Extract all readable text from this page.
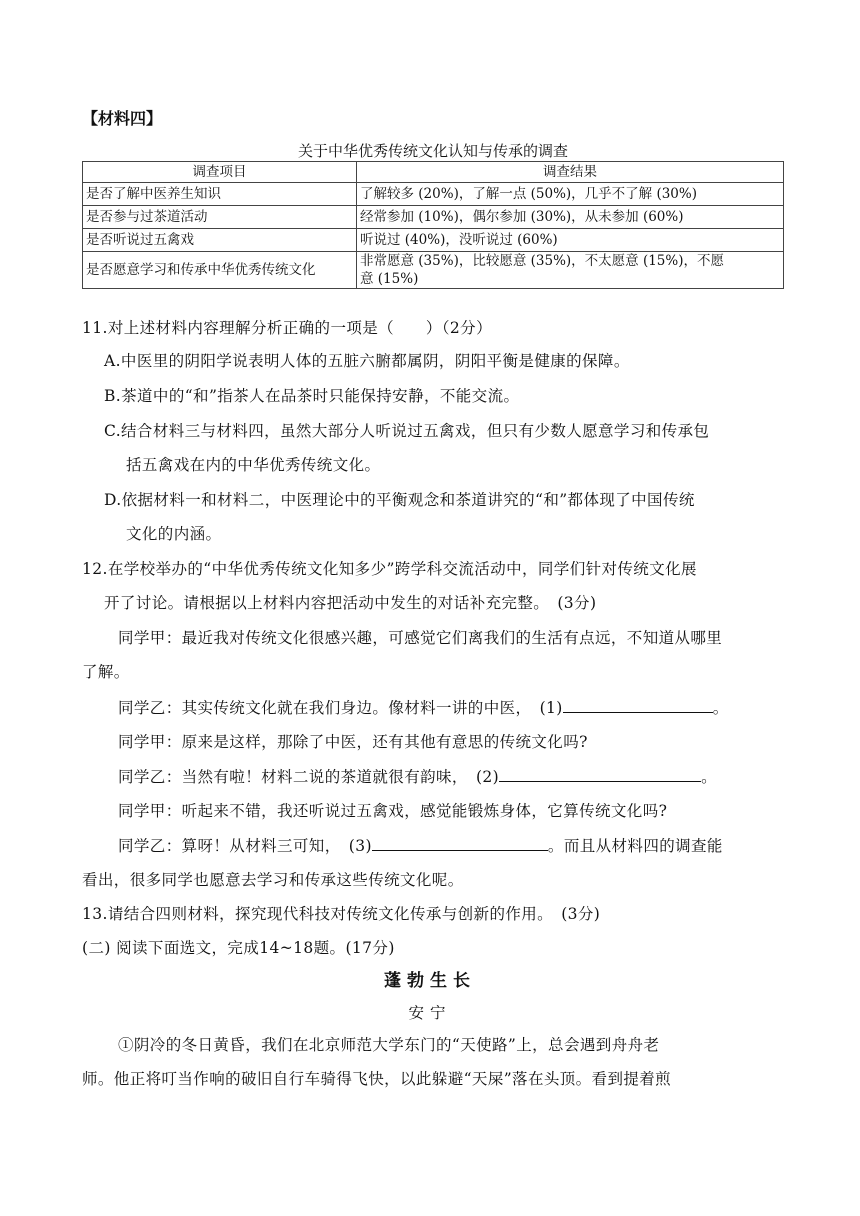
【材料四】
关于中华优秀传统文化认知与传承的调查
调查项目	调查结果
是否了解中医养生知识	了解较多 (20%)，了解一点 (50%)，几乎不了解 (30%)
是否参与过茶道活动	经常参加 (10%)，偶尔参加 (30%)，从未参加 (60%)
是否听说过五禽戏	听说过 (40%)，没听说过 (60%)
是否愿意学习和传承中华优秀传统文化	非常愿意 (35%)，比较愿意 (35%)，不太愿意 (15%)，不愿
意 (15%)
11.对上述材料内容理解分析正确的一项是（　　）（2分）
A.中医里的阴阳学说表明人体的五脏六腑都属阴，阴阳平衡是健康的保障。
B.茶道中的“和”指茶人在品茶时只能保持安静，不能交流。
C.结合材料三与材料四，虽然大部分人听说过五禽戏，但只有少数人愿意学习和传承包
括五禽戏在内的中华优秀传统文化。
D.依据材料一和材料二，中医理论中的平衡观念和茶道讲究的“和”都体现了中国传统
文化的内涵。
12.在学校举办的“中华优秀传统文化知多少”跨学科交流活动中，同学们针对传统文化展
开了讨论。请根据以上材料内容把活动中发生的对话补充完整。　(3分)
同学甲：最近我对传统文化很感兴趣，可感觉它们离我们的生活有点远，不知道从哪里
了解。
同学乙：其实传统文化就在我们身边。像材料一讲的中医，　(1)	。
同学甲：原来是这样，那除了中医，还有其他有意思的传统文化吗?
同学乙：当然有啦！材料二说的茶道就很有韵味，　(2)	。
同学甲：听起来不错，我还听说过五禽戏，感觉能锻炼身体，它算传统文化吗?
同学乙：算呀！从材料三可知，　(3)	。而且从材料四的调查能
看出，很多同学也愿意去学习和传承这些传统文化呢。
13.请结合四则材料，探究现代科技对传统文化传承与创新的作用。　(3分)
(二) 阅读下面选文，完成14~18题。(17分)
蓬勃生长
安宁
①阴冷的冬日黄昏，我们在北京师范大学东门的“天使路”上，总会遇到舟舟老
师。他正将叮当作响的破旧自行车骑得飞快，以此躲避“天屎”落在头顶。看到提着煎
